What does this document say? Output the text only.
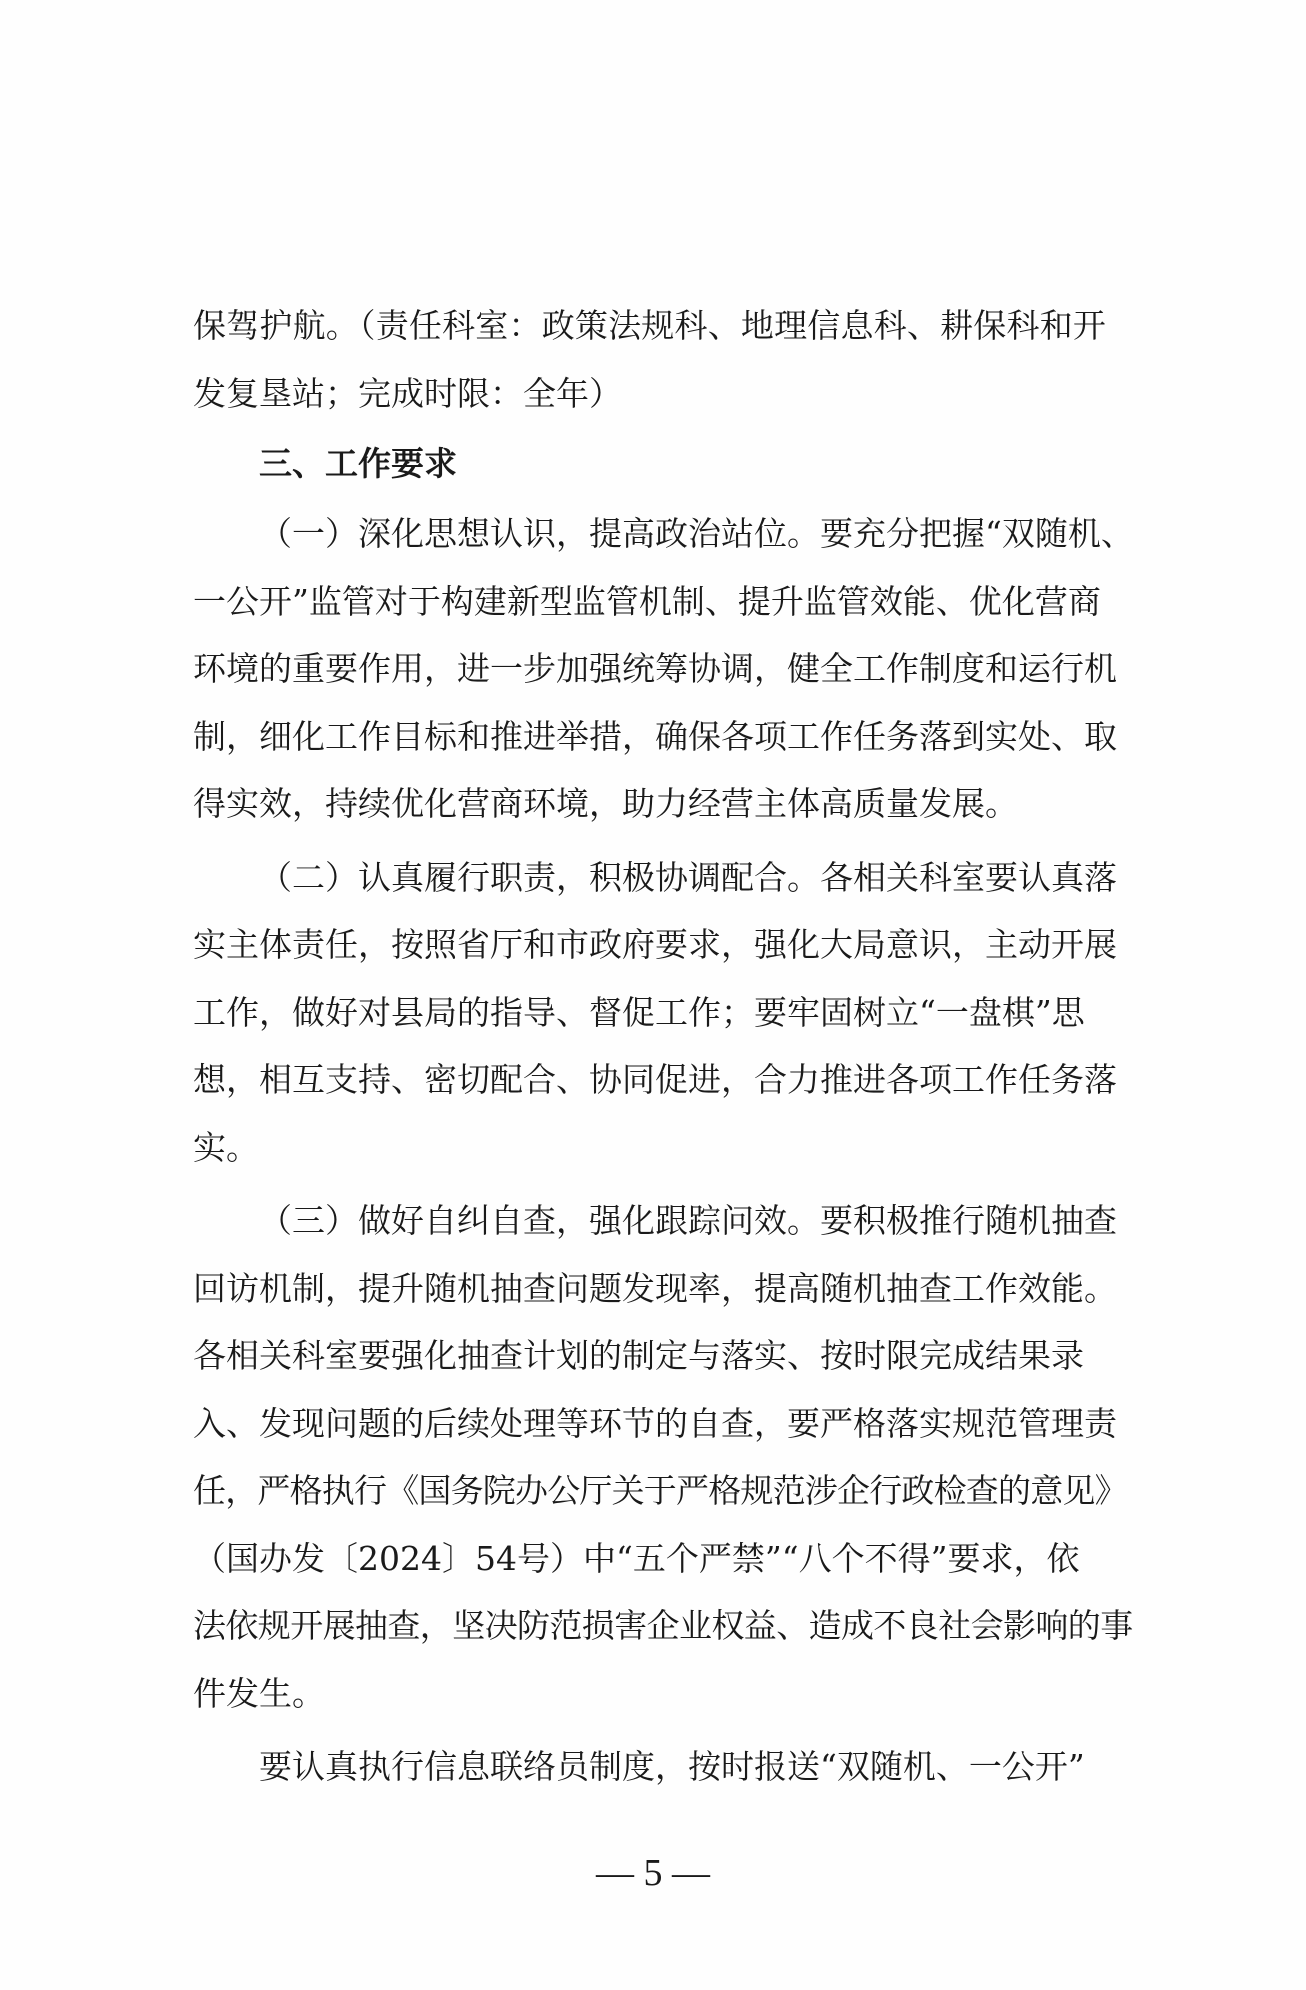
保驾护航。（责任科室：政策法规科、地理信息科、耕保科和开
发复垦站；完成时限：全年）
三、工作要求
（一）深化思想认识，提高政治站位。要充分把握“双随机、
一公开”监管对于构建新型监管机制、提升监管效能、优化营商
环境的重要作用，进一步加强统筹协调，健全工作制度和运行机
制，细化工作目标和推进举措，确保各项工作任务落到实处、取
得实效，持续优化营商环境，助力经营主体高质量发展。
（二）认真履行职责，积极协调配合。各相关科室要认真落
实主体责任，按照省厅和市政府要求，强化大局意识，主动开展
工作，做好对县局的指导、督促工作；要牢固树立“一盘棋”思
想，相互支持、密切配合、协同促进，合力推进各项工作任务落
实。
（三）做好自纠自查，强化跟踪问效。要积极推行随机抽查
回访机制，提升随机抽查问题发现率，提高随机抽查工作效能。
各相关科室要强化抽查计划的制定与落实、按时限完成结果录
入、发现问题的后续处理等环节的自查，要严格落实规范管理责
任，严格执行《国务院办公厅关于严格规范涉企行政检查的意见》
（国办发〔2024〕54号）中“五个严禁”“八个不得”要求，依
法依规开展抽查，坚决防范损害企业权益、造成不良社会影响的事
件发生。
要认真执行信息联络员制度，按时报送“双随机、一公开”
— 5 —
